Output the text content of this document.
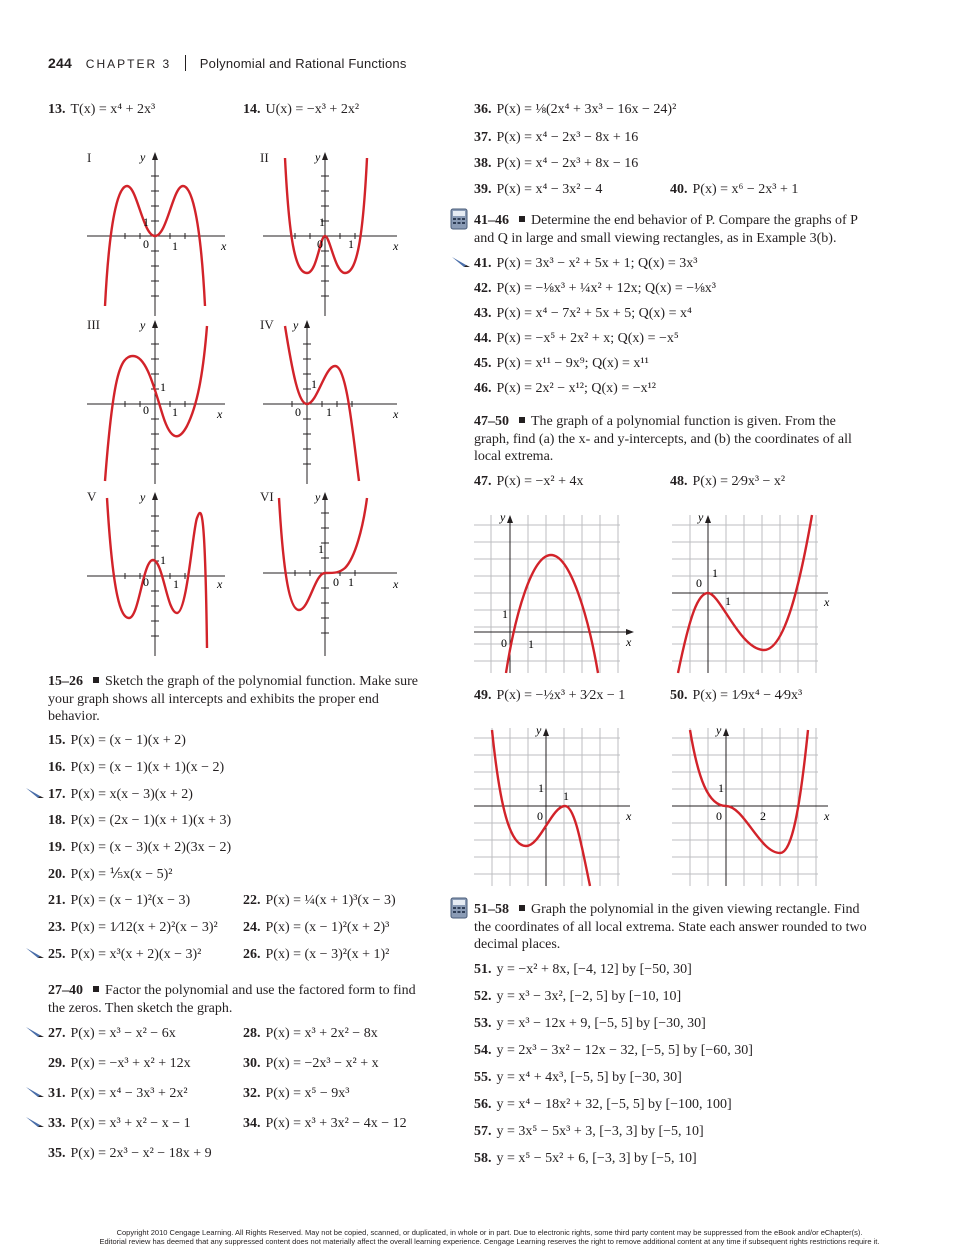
244 CHAPTER 3 Polynomial and Rational Functions
13. T(x) = x⁴ + 2x³	14. U(x) = −x³ + 2x²
I	II
III	IV
V	VI
y
x
0 1
1
y
x
0 1
1
y
x
0 1
1
y
x
0 1
1
y
x
0 1
1
y
x
0 1
1
15–26 Sketch the graph of the polynomial function. Make sure your graph shows all intercepts and exhibits the proper end behavior.
15. P(x) = (x − 1)(x + 2)
16. P(x) = (x − 1)(x + 1)(x − 2)
17. P(x) = x(x − 3)(x + 2)
18. P(x) = (2x − 1)(x + 1)(x + 3)
19. P(x) = (x − 3)(x + 2)(3x − 2)
20. P(x) = ⅕x(x − 5)²
21. P(x) = (x − 1)²(x − 3)	22. P(x) = ¼(x + 1)³(x − 3)
23. P(x) = 1⁄12(x + 2)²(x − 3)² 24. P(x) = (x − 1)²(x + 2)³
25. P(x) = x³(x + 2)(x − 3)²	26. P(x) = (x − 3)²(x + 1)²
27–40 Factor the polynomial and use the factored form to find the zeros. Then sketch the graph.
27. P(x) = x³ − x² − 6x	28. P(x) = x³ + 2x² − 8x
29. P(x) = −x³ + x² + 12x	30. P(x) = −2x³ − x² + x
31. P(x) = x⁴ − 3x³ + 2x²	32. P(x) = x⁵ − 9x³
33. P(x) = x³ + x² − x − 1	34. P(x) = x³ + 3x² − 4x − 12
35. P(x) = 2x³ − x² − 18x + 9
36. P(x) = ⅛(2x⁴ + 3x³ − 16x − 24)²
37. P(x) = x⁴ − 2x³ − 8x + 16
38. P(x) = x⁴ − 2x³ + 8x − 16
39. P(x) = x⁴ − 3x² − 4	40. P(x) = x⁶ − 2x³ + 1
41–46 Determine the end behavior of P. Compare the graphs of P and Q in large and small viewing rectangles, as in Example 3(b).
41. P(x) = 3x³ − x² + 5x + 1; Q(x) = 3x³
42. P(x) = −⅛x³ + ¼x² + 12x; Q(x) = −⅛x³
43. P(x) = x⁴ − 7x² + 5x + 5; Q(x) = x⁴
44. P(x) = −x⁵ + 2x² + x; Q(x) = −x⁵
45. P(x) = x¹¹ − 9x⁹; Q(x) = x¹¹
46. P(x) = 2x² − x¹²; Q(x) = −x¹²
47–50 The graph of a polynomial function is given. From the graph, find (a) the x- and y-intercepts, and (b) the coordinates of all local extrema.
47. P(x) = −x² + 4x	48. P(x) = 2⁄9x³ − x²
y
x
0 1
1
y
x
0
1
1
49. P(x) = −½x³ + 3⁄2x − 1	50. P(x) = 1⁄9x⁴ − 4⁄9x³
y
x
0
1
1
y
x
0	2
1
51–58 Graph the polynomial in the given viewing rectangle. Find the coordinates of all local extrema. State each answer rounded to two decimal places.
51. y = −x² + 8x, [−4, 12] by [−50, 30]
52. y = x³ − 3x², [−2, 5] by [−10, 10]
53. y = x³ − 12x + 9, [−5, 5] by [−30, 30]
54. y = 2x³ − 3x² − 12x − 32, [−5, 5] by [−60, 30]
55. y = x⁴ + 4x³, [−5, 5] by [−30, 30]
56. y = x⁴ − 18x² + 32, [−5, 5] by [−100, 100]
57. y = 3x⁵ − 5x³ + 3, [−3, 3] by [−5, 10]
58. y = x⁵ − 5x² + 6, [−3, 3] by [−5, 10]
Copyright 2010 Cengage Learning. All Rights Reserved. May not be copied, scanned, or duplicated, in whole or in part. Due to electronic rights, some third party content may be suppressed from the eBook and/or eChapter(s).
Editorial review has deemed that any suppressed content does not materially affect the overall learning experience. Cengage Learning reserves the right to remove additional content at any time if subsequent rights restrictions require it.
